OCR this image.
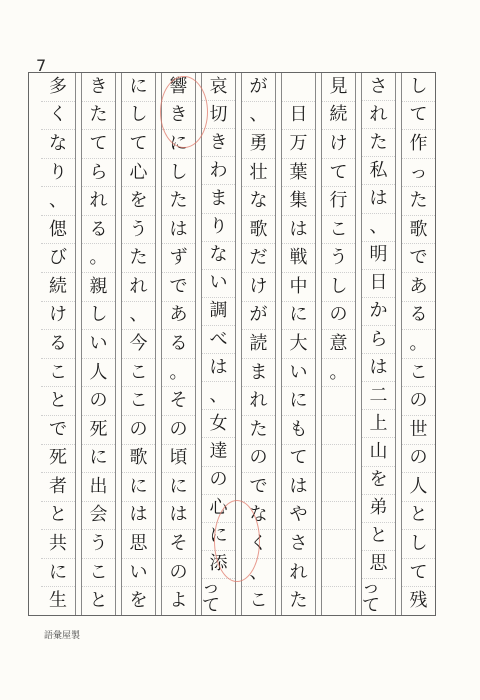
7
し
て
作
っ
た
歌
で
あ
る
。
こ
の
世
の
人
と
し
て
残
さ
れ
た
私
は
、
明
日
か
ら
は
二
上
山
を
弟
と
思
って
見
続
け
て
行
こ
う
し
の
意
。
日
万
葉
集
は
戦
中
に
大
い
に
も
て
は
や
さ
れ
た
が
、
勇
壮
な
歌
だ
け
が
読
ま
れ
た
の
で
な
く
、
こ
哀
切
き
わ
ま
り
な
い
調
べ
は
、
女
達
の
心
に
添
って
響
き
に
し
た
は
ず
で
あ
る
。
そ
の
頃
に
は
そ
の
よ
に
し
て
心
を
う
た
れ
、
今
こ
こ
の
歌
に
は
思
い
を
き
た
て
ら
れ
る
。
親
し
い
人
の
死
に
出
会
う
こ
と
多
く
な
り
、
偲
び
続
け
る
こ
と
で
死
者
と
共
に
生
語彙屋製
